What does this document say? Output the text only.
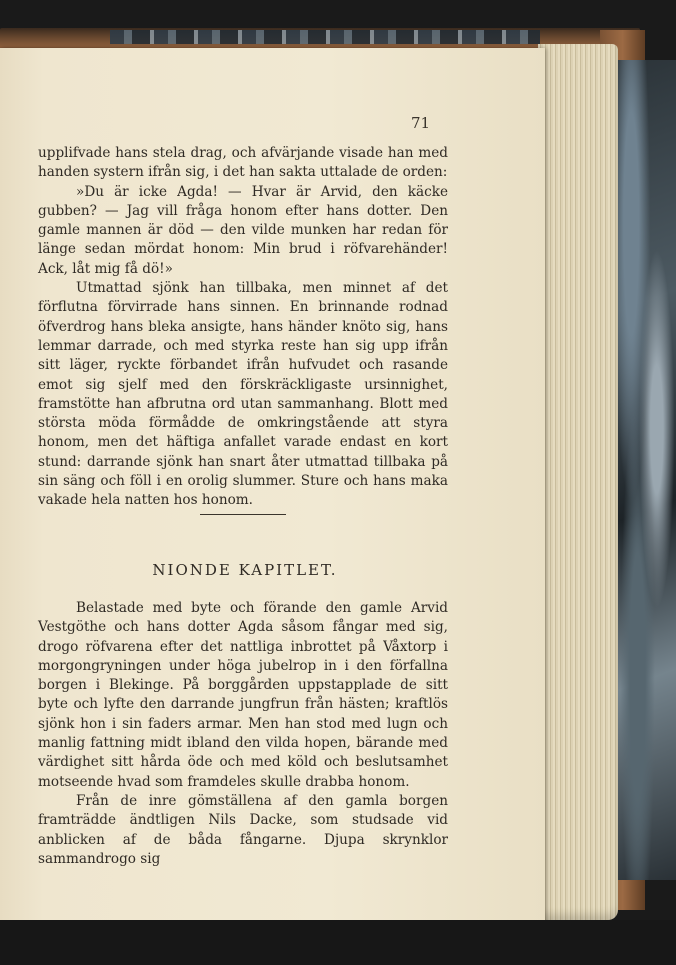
71

upplifvade hans stela drag, och afvärjande visade han med handen systern ifrån sig, i det han sakta uttalade de orden:

»Du är icke Agda! — Hvar är Arvid, den käcke gubben? — Jag vill fråga honom efter hans dotter. Den gamle mannen är död — den vilde munken har redan för länge sedan mördat honom: Min brud i röfvarehänder! Ack, låt mig få dö!»

Utmattad sjönk han tillbaka, men minnet af det förflutna förvirrade hans sinnen. En brinnande rodnad öfverdrog hans bleka ansigte, hans händer knöto sig, hans lemmar darrade, och med styrka reste han sig upp ifrån sitt läger, ryckte förbandet ifrån hufvudet och rasande emot sig sjelf med den förskräckligaste ursinnighet, framstötte han afbrutna ord utan sammanhang. Blott med största möda förmådde de omkringstående att styra honom, men det häftiga anfallet varade endast en kort stund: darrande sjönk han snart åter utmattad tillbaka på sin säng och föll i en orolig slummer. Sture och hans maka vakade hela natten hos honom.

NIONDE KAPITLET.

Belastade med byte och förande den gamle Arvid Vestgöthe och hans dotter Agda såsom fångar med sig, drogo röfvarena efter det nattliga inbrottet på Våxtorp i morgongryningen under höga jubelrop in i den förfallna borgen i Blekinge. På borggården uppstapplade de sitt byte och lyfte den darrande jungfrun från hästen; kraftlös sjönk hon i sin faders armar. Men han stod med lugn och manlig fattning midt ibland den vilda hopen, bärande med värdighet sitt hårda öde och med köld och beslutsamhet motseende hvad som framdeles skulle drabba honom.

Från de inre gömställena af den gamla borgen framträdde ändtligen Nils Dacke, som studsade vid anblicken af de båda fångarne. Djupa skrynklor sammandrogo sig
